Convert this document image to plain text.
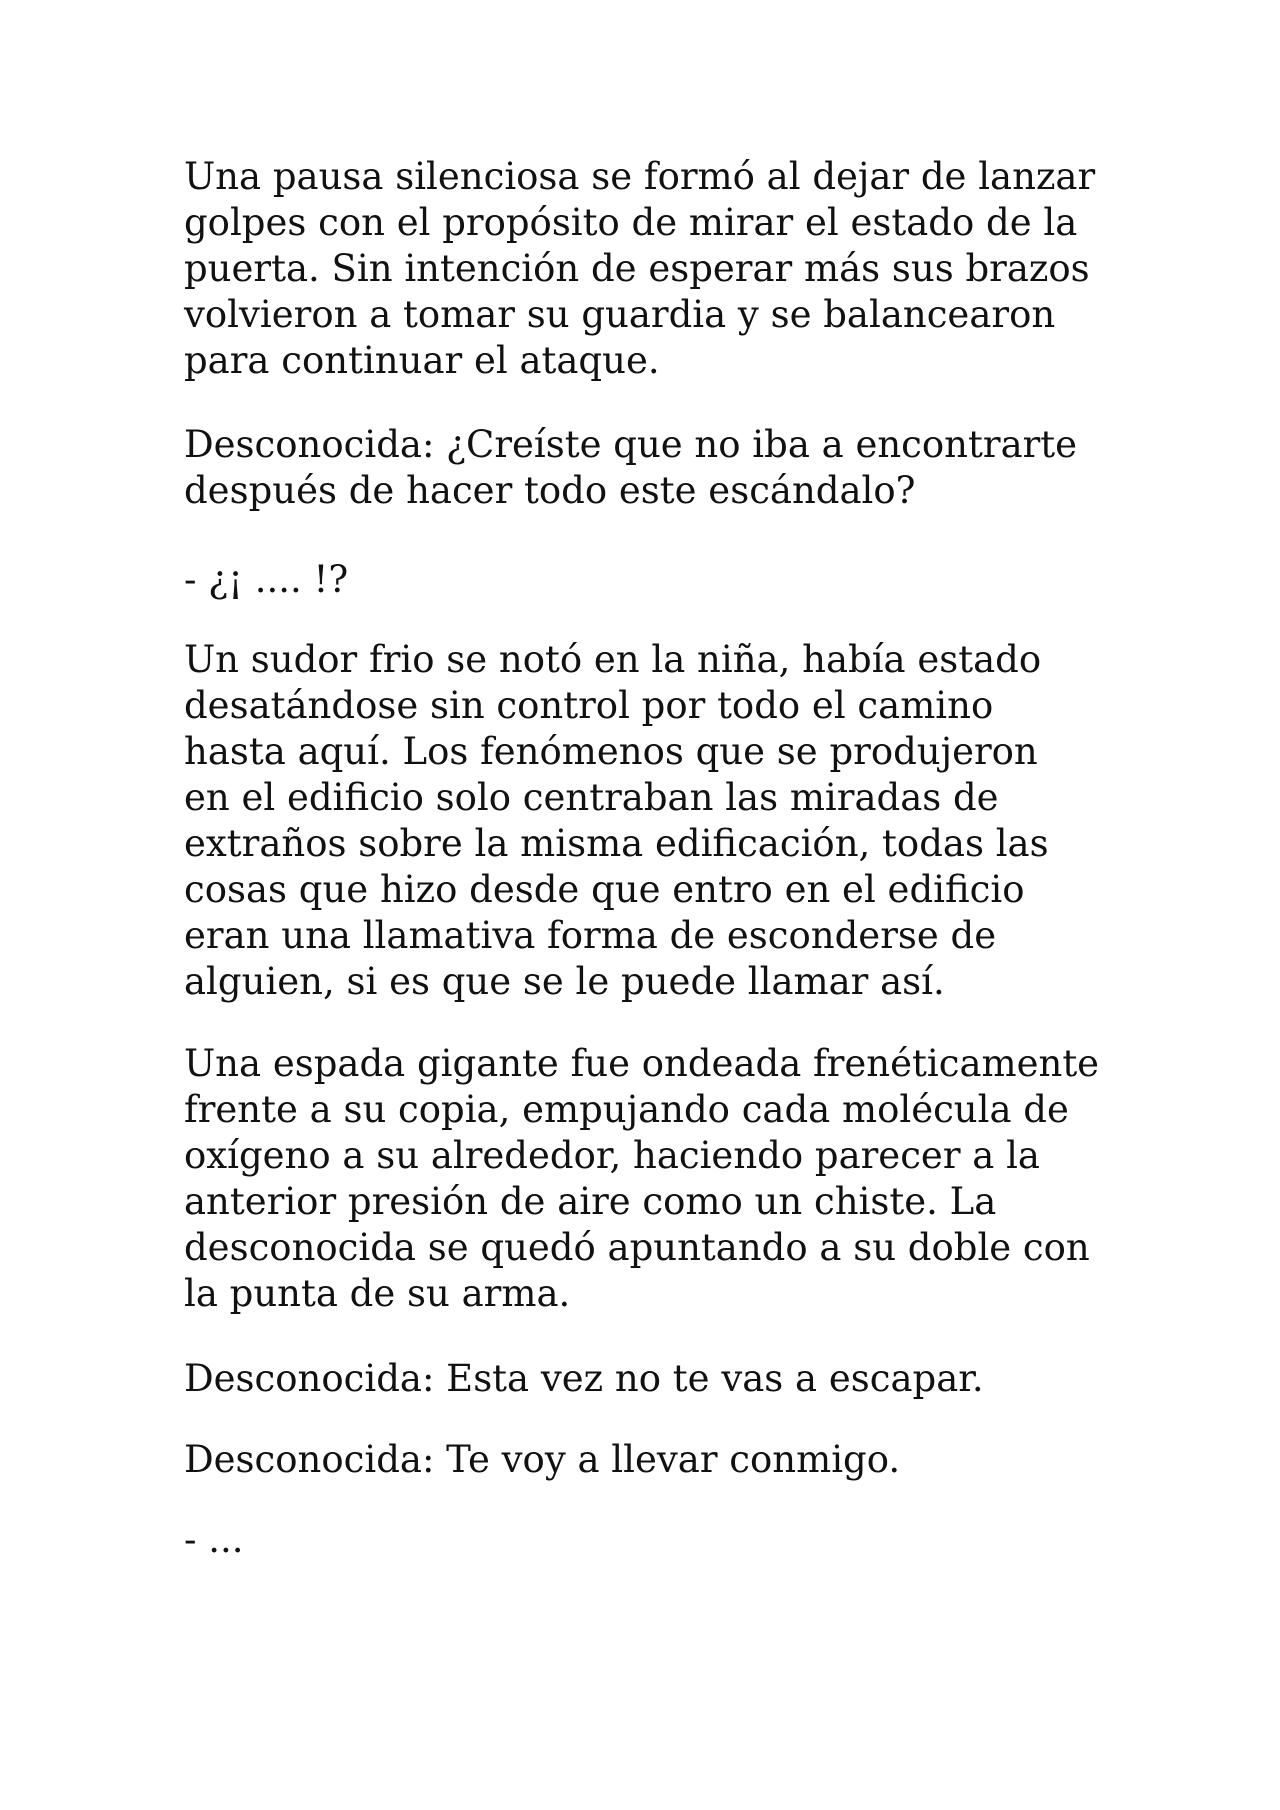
Una pausa silenciosa se formó al dejar de lanzar
golpes con el propósito de mirar el estado de la
puerta. Sin intención de esperar más sus brazos
volvieron a tomar su guardia y se balancearon
para continuar el ataque.

Desconocida: ¿Creíste que no iba a encontrarte
después de hacer todo este escándalo?

- ¿¡ .... !?

Un sudor frio se notó en la niña, había estado
desatándose sin control por todo el camino
hasta aquí. Los fenómenos que se produjeron
en el edificio solo centraban las miradas de
extraños sobre la misma edificación, todas las
cosas que hizo desde que entro en el edificio
eran una llamativa forma de esconderse de
alguien, si es que se le puede llamar así.

Una espada gigante fue ondeada frenéticamente
frente a su copia, empujando cada molécula de
oxígeno a su alrededor, haciendo parecer a la
anterior presión de aire como un chiste. La
desconocida se quedó apuntando a su doble con
la punta de su arma.

Desconocida: Esta vez no te vas a escapar.

Desconocida: Te voy a llevar conmigo.

- ...
